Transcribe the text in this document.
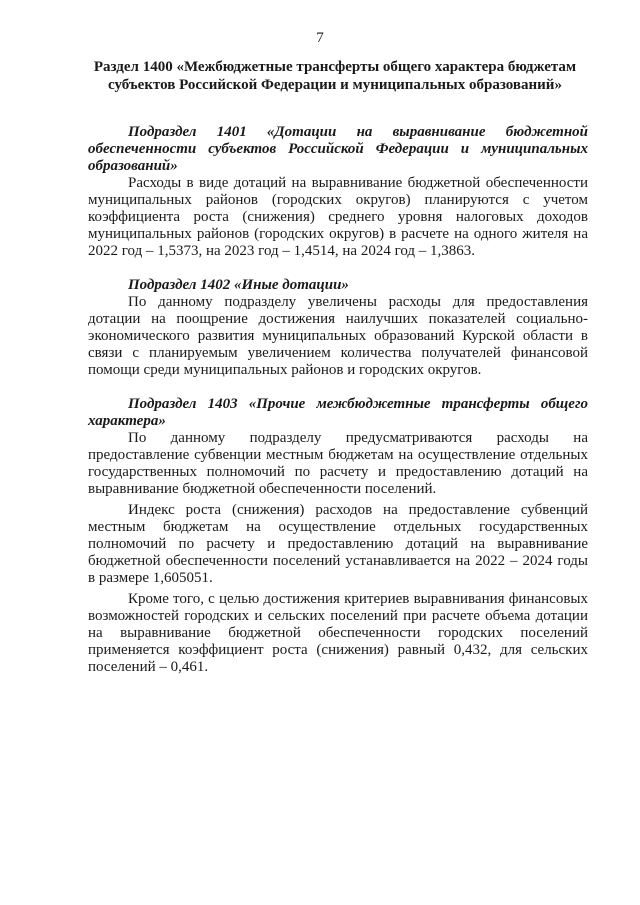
7
Раздел 1400 «Межбюджетные трансферты общего характера бюджетам субъектов Российской Федерации и муниципальных образований»

Подраздел 1401 «Дотации на выравнивание бюджетной обеспеченности субъектов Российской Федерации и муниципальных образований»

Расходы в виде дотаций на выравнивание бюджетной обеспеченности муниципальных районов (городских округов) планируются с учетом коэффициента роста (снижения) среднего уровня налоговых доходов муниципальных районов (городских округов) в расчете на одного жителя на 2022 год – 1,5373, на 2023 год – 1,4514, на 2024 год – 1,3863.

Подраздел 1402 «Иные дотации»

По данному подразделу увеличены расходы для предоставления дотации на поощрение достижения наилучших показателей социально-экономического развития муниципальных образований Курской области в связи с планируемым увеличением количества получателей финансовой помощи среди муниципальных районов и городских округов.

Подраздел 1403 «Прочие межбюджетные трансферты общего характера»

По данному подразделу предусматриваются расходы на предоставление субвенции местным бюджетам на осуществление отдельных государственных полномочий по расчету и предоставлению дотаций на выравнивание бюджетной обеспеченности поселений.

Индекс роста (снижения) расходов на предоставление субвенций местным бюджетам на осуществление отдельных государственных полномочий по расчету и предоставлению дотаций на выравнивание бюджетной обеспеченности поселений устанавливается на 2022 – 2024 годы в размере 1,605051.

Кроме того, с целью достижения критериев выравнивания финансовых возможностей городских и сельских поселений при расчете объема дотации на выравнивание бюджетной обеспеченности городских поселений применяется коэффициент роста (снижения) равный 0,432, для сельских поселений – 0,461.
